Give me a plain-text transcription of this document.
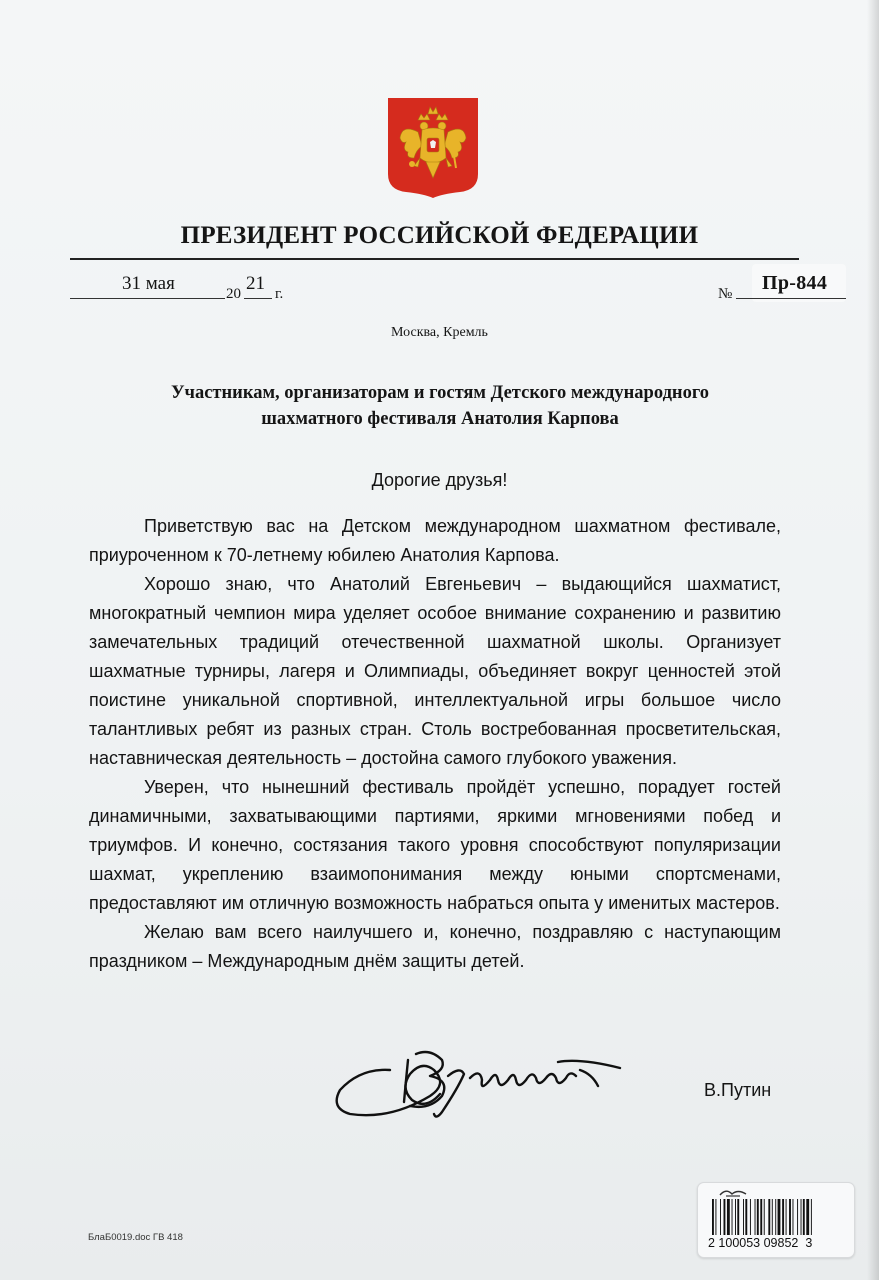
ПРЕЗИДЕНТ РОССИЙСКОЙ ФЕДЕРАЦИИ
31 мая	20 21 г.	№ Пр-844
Москва, Кремль
Участникам, организаторам и гостям Детского международного
шахматного фестиваля Анатолия Карпова
Дорогие друзья!

Приветствую вас на Детском международном шахматном фестивале, приуроченном к 70-летнему юбилею Анатолия Карпова.

Хорошо знаю, что Анатолий Евгеньевич – выдающийся шахматист, многократный чемпион мира уделяет особое внимание сохранению и развитию замечательных традиций отечественной шахматной школы. Организует шахматные турниры, лагеря и Олимпиады, объединяет вокруг ценностей этой поистине уникальной спортивной, интеллектуальной игры большое число талантливых ребят из разных стран. Столь востребованная просветительская, наставническая деятельность – достойна самого глубокого уважения.

Уверен, что нынешний фестиваль пройдёт успешно, порадует гостей динамичными, захватывающими партиями, яркими мгновениями побед и триумфов. И конечно, состязания такого уровня способствуют популяризации шахмат, укреплению взаимопонимания между юными спортсменами, предоставляют им отличную возможность набраться опыта у именитых мастеров.

Желаю вам всего наилучшего и, конечно, поздравляю с наступающим праздником – Международным днём защиты детей.

В.Путин
БлаБ0019.doc ГВ 418	2 100053 09852  3
